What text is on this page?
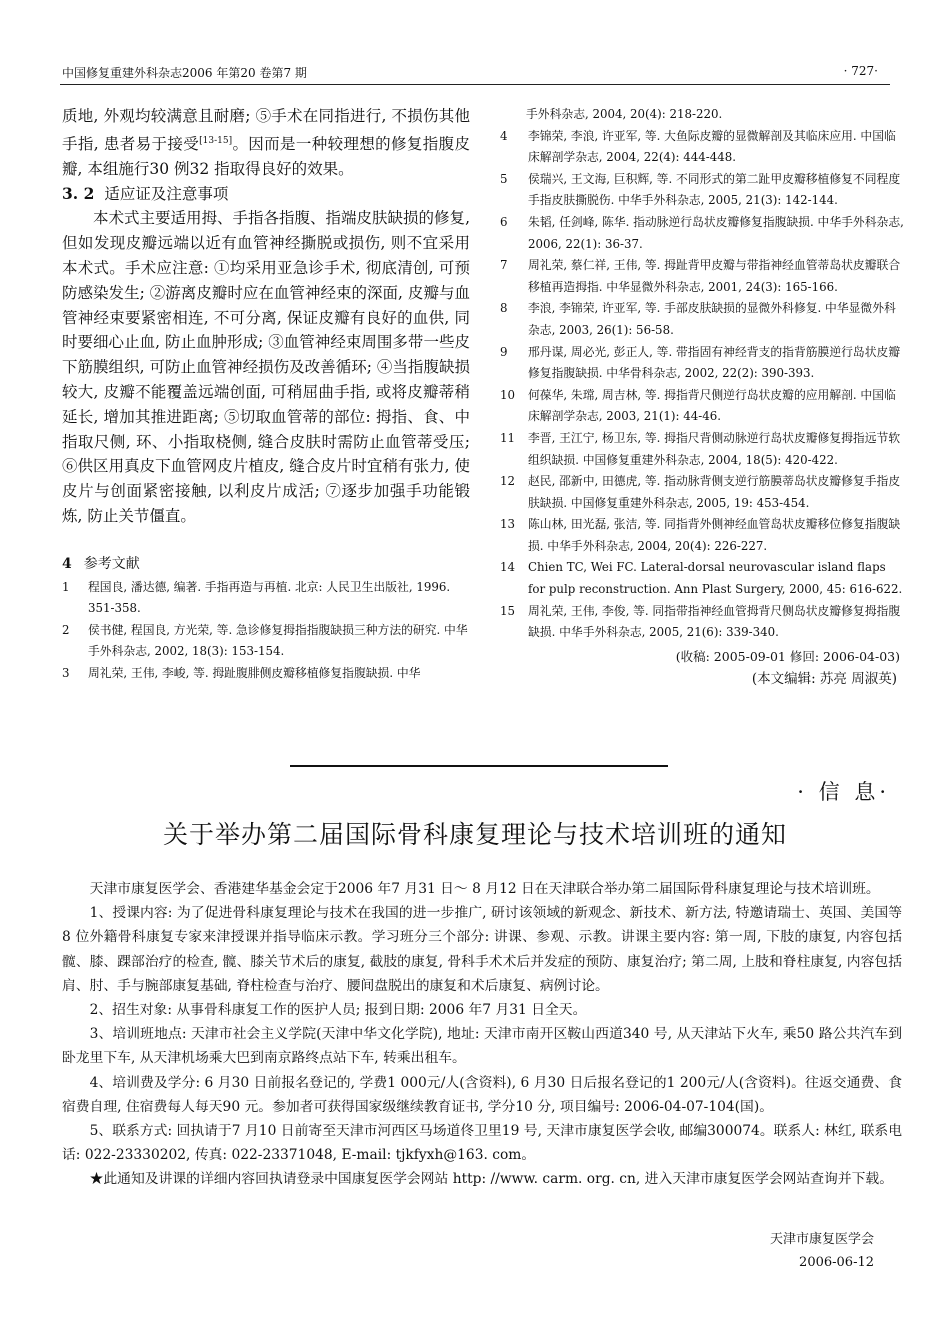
中国修复重建外科杂志2006 年第20 卷第7 期	· 727·

质地, 外观均较满意且耐磨; ⑤手术在同指进行, 不损伤其他手指, 患者易于接受[13-15]。因而是一种较理想的修复指腹皮瓣, 本组施行30 例32 指取得良好的效果。

3. 2 适应证及注意事项

本术式主要适用拇、手指各指腹、指端皮肤缺损的修复, 但如发现皮瓣远端以近有血管神经撕脱或损伤, 则不宜采用本术式。手术应注意: ①均采用亚急诊手术, 彻底清创, 可预防感染发生; ②游离皮瓣时应在血管神经束的深面, 皮瓣与血管神经束要紧密相连, 不可分离, 保证皮瓣有良好的血供, 同时要细心止血, 防止血肿形成; ③血管神经束周围多带一些皮下筋膜组织, 可防止血管神经损伤及改善循环; ④当指腹缺损较大, 皮瓣不能覆盖远端创面, 可稍屈曲手指, 或将皮瓣蒂稍延长, 增加其推进距离; ⑤切取血管蒂的部位: 拇指、食、中指取尺侧, 环、小指取桡侧, 缝合皮肤时需防止血管蒂受压; ⑥供区用真皮下血管网皮片植皮, 缝合皮片时宜稍有张力, 使皮片与创面紧密接触, 以利皮片成活; ⑦逐步加强手功能锻炼, 防止关节僵直。

4 参考文献
1	程国良, 潘达德, 编著. 手指再造与再植. 北京: 人民卫生出版社, 1996. 351-358.
2	侯书健, 程国良, 方光荣, 等. 急诊修复拇指指腹缺损三种方法的研究. 中华手外科杂志, 2002, 18(3): 153-154.
3	周礼荣, 王伟, 李峻, 等. 拇趾腹腓侧皮瓣移植修复指腹缺损. 中华
手外科杂志, 2004, 20(4): 218-220.
4	李锦荣, 李浪, 许亚军, 等. 大鱼际皮瓣的显微解剖及其临床应用. 中国临床解剖学杂志, 2004, 22(4): 444-448.
5	侯瑞兴, 王文海, 巨积辉, 等. 不同形式的第二趾甲皮瓣移植修复不同程度手指皮肤撕脱伤. 中华手外科杂志, 2005, 21(3): 142-144.
6	朱韬, 任剑峰, 陈华. 指动脉逆行岛状皮瓣修复指腹缺损. 中华手外科杂志, 2006, 22(1): 36-37.
7	周礼荣, 蔡仁祥, 王伟, 等. 拇趾背甲皮瓣与带指神经血管蒂岛状皮瓣联合移植再造拇指. 中华显微外科杂志, 2001, 24(3): 165-166.
8	李浪, 李锦荣, 许亚军, 等. 手部皮肤缺损的显微外科修复. 中华显微外科杂志, 2003, 26(1): 56-58.
9	邢丹谋, 周必光, 彭正人, 等. 带指固有神经背支的指背筋膜逆行岛状皮瓣修复指腹缺损. 中华骨科杂志, 2002, 22(2): 390-393.
10	何葆华, 朱瑺, 周吉林, 等. 拇指背尺侧逆行岛状皮瓣的应用解剖. 中国临床解剖学杂志, 2003, 21(1): 44-46.
11	李晋, 王江宁, 杨卫东, 等. 拇指尺背侧动脉逆行岛状皮瓣修复拇指远节软组织缺损. 中国修复重建外科杂志, 2004, 18(5): 420-422.
12	赵民, 邵新中, 田德虎, 等. 指动脉背侧支逆行筋膜蒂岛状皮瓣修复手指皮肤缺损. 中国修复重建外科杂志, 2005, 19: 453-454.
13	陈山林, 田光磊, 张洁, 等. 同指背外侧神经血管岛状皮瓣移位修复指腹缺损. 中华手外科杂志, 2004, 20(4): 226-227.
14	Chien TC, Wei FC. Lateral-dorsal neurovascular island flaps for pulp reconstruction. Ann Plast Surgery, 2000, 45: 616-622.
15	周礼荣, 王伟, 李俊, 等. 同指带指神经血管拇背尺侧岛状皮瓣修复拇指腹缺损. 中华手外科杂志, 2005, 21(6): 339-340.
(收稿: 2005-09-01 修回: 2006-04-03)
(本文编辑: 苏亮 周淑英)
· 信 息·
关于举办第二届国际骨科康复理论与技术培训班的通知

天津市康复医学会、香港建华基金会定于2006 年7 月31 日～ 8 月12 日在天津联合举办第二届国际骨科康复理论与技术培训班。

1、授课内容: 为了促进骨科康复理论与技术在我国的进一步推广, 研讨该领域的新观念、新技术、新方法, 特邀请瑞士、英国、美国等8 位外籍骨科康复专家来津授课并指导临床示教。学习班分三个部分: 讲课、参观、示教。讲课主要内容: 第一周, 下肢的康复, 内容包括髋、膝、踝部治疗的检查, 髋、膝关节术后的康复, 截肢的康复, 骨科手术术后并发症的预防、康复治疗; 第二周, 上肢和脊柱康复, 内容包括肩、肘、手与腕部康复基础, 脊柱检查与治疗、腰间盘脱出的康复和术后康复、病例讨论。

2、招生对象: 从事骨科康复工作的医护人员; 报到日期: 2006 年7 月31 日全天。

3、培训班地点: 天津市社会主义学院(天津中华文化学院), 地址: 天津市南开区鞍山西道340 号, 从天津站下火车, 乘50 路公共汽车到卧龙里下车, 从天津机场乘大巴到南京路终点站下车, 转乘出租车。

4、培训费及学分: 6 月30 日前报名登记的, 学费1 000元/人(含资料), 6 月30 日后报名登记的1 200元/人(含资料)。往返交通费、食宿费自理, 住宿费每人每天90 元。参加者可获得国家级继续教育证书, 学分10 分, 项目编号: 2006-04-07-104(国)。

5、联系方式: 回执请于7 月10 日前寄至天津市河西区马场道佟卫里19 号, 天津市康复医学会收, 邮编300074。联系人: 林红, 联系电话: 022-23330202, 传真: 022-23371048, E-mail: tjkfyxh@163. com。

★此通知及讲课的详细内容回执请登录中国康复医学会网站 http: //www. carm. org. cn, 进入天津市康复医学会网站查询并下载。

天津市康复医学会
2006-06-12
